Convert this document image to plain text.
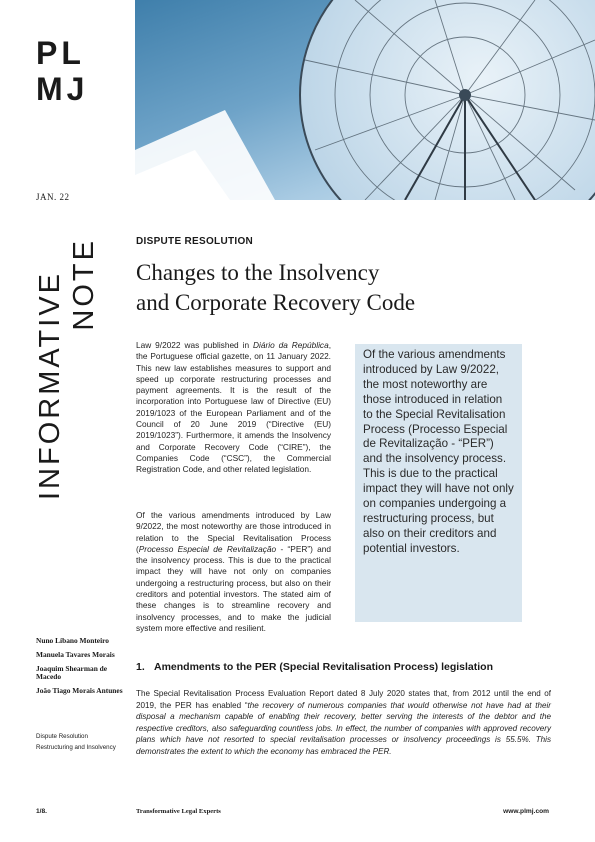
PL
MJ
JAN. 22
INFORMATIVE NOTE	DISPUTE RESOLUTION
Changes to the Insolvency
and Corporate Recovery Code
Law 9/2022 was published in Diário da República, the Portuguese official gazette, on 11 January 2022. This new law establishes measures to support and speed up corporate restructuring processes and payment agreements. It is the result of the incorporation into Portuguese law of Directive (EU) 2019/1023 of the European Parliament and of the Council of 20 June 2019 (“Directive (EU) 2019/1023”). Furthermore, it amends the Insolvency and Corporate Recovery Code (“CIRE”), the Companies Code (“CSC”), the Commercial Registration Code, and other related legislation.
Of the various amendments introduced by Law 9/2022, the most noteworthy are those introduced in relation to the Special Revitalisation Process (Processo Especial de Revitalização - “PER”) and the insolvency process. This is due to the practical impact they will have not only on companies undergoing a restructuring process, but also on their creditors and potential investors. The stated aim of these changes is to streamline recovery and insolvency processes, and to make the judicial system more effective and resilient.

Of the various amendments introduced by Law 9/2022, the most noteworthy are those introduced in relation to the Special Revitalisation Process (Processo Especial de Revitalização - “PER”) and the insolvency process. This is due to the practical impact they will have not only on companies undergoing a restructuring process, but also on their creditors and potential investors.

Nuno Líbano Monteiro
Manuela Tavares Morais
Joaquim Shearman de Macedo
João Tiago Morais Antunes
Dispute Resolution
Restructuring and Insolvency
1. Amendments to the PER (Special Revitalisation Process) legislation
The Special Revitalisation Process Evaluation Report dated 8 July 2020 states that, from 2012 until the end of 2019, the PER has enabled “the recovery of numerous companies that would otherwise not have had at their disposal a mechanism capable of enabling their recovery, better serving the interests of the debtor and the respective creditors, also safeguarding countless jobs. In effect, the number of companies with approved recovery plans which have not resorted to special revitalisation processes or insolvency proceedings is 55.5%. This demonstrates the extent to which the economy has embraced the PER.
1/8.	Transformative Legal Experts	www.plmj.com
